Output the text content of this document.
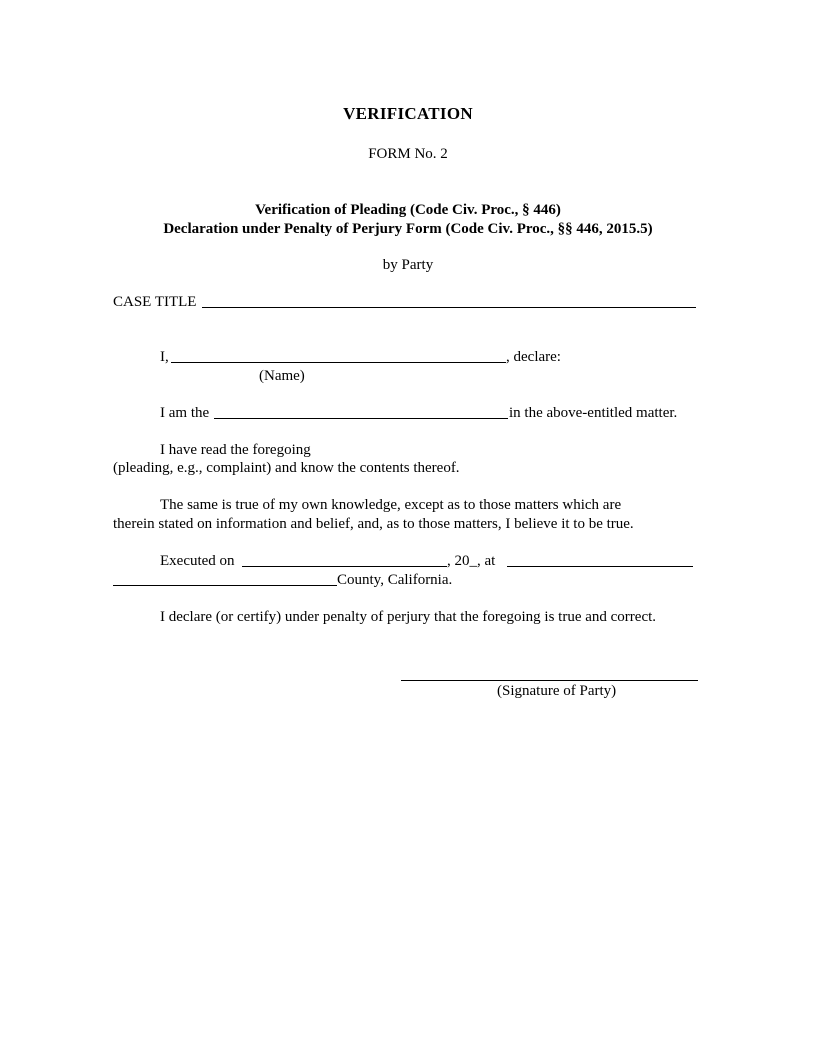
VERIFICATION
FORM No. 2
Verification of Pleading (Code Civ. Proc., § 446)
Declaration under Penalty of Perjury Form (Code Civ. Proc., §§ 446, 2015.5)
by Party
CASE TITLE
I,	, declare:
(Name)
I am the	in the above-entitled matter.
I have read the foregoing
(pleading, e.g., complaint) and know the contents thereof.
The same is true of my own knowledge, except as to those matters which are
therein stated on information and belief, and, as to those matters, I believe it to be true.
Executed on	, 20_, at
County, California.
I declare (or certify) under penalty of perjury that the foregoing is true and correct.
(Signature of Party)
